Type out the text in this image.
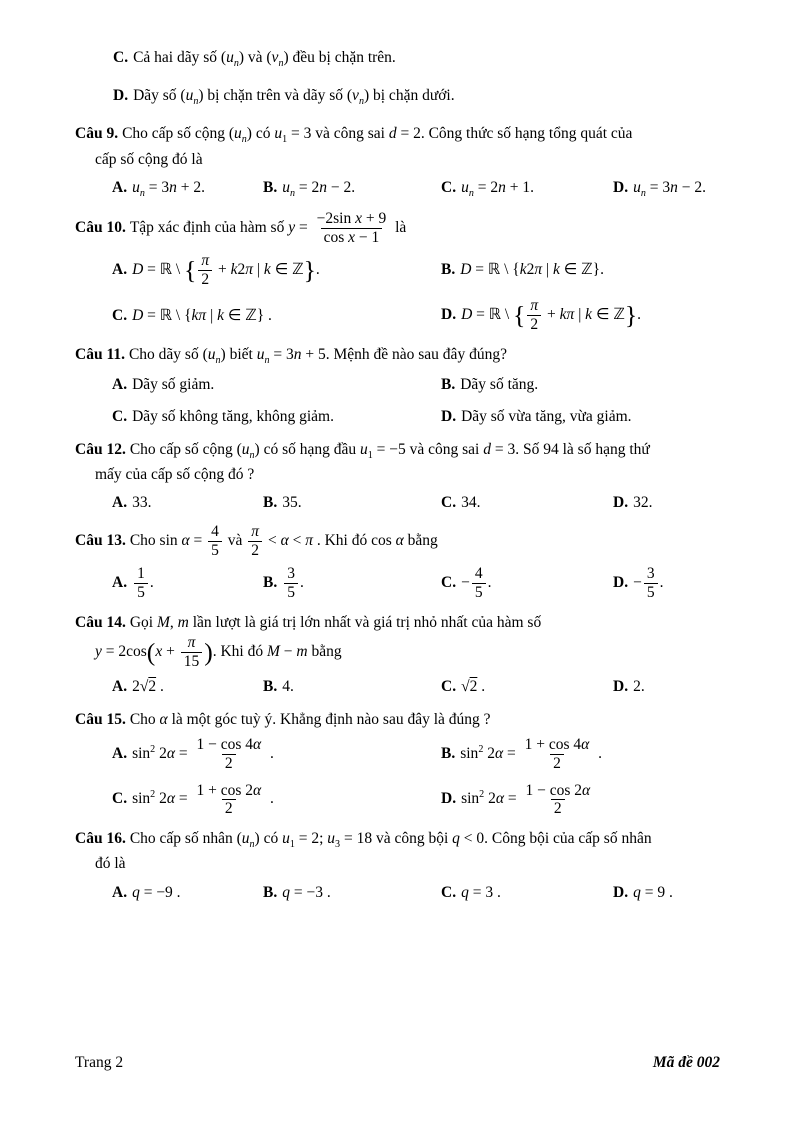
C. Cả hai dãy số $(u_n)$ và $(v_n)$ đều bị chặn trên.

D. Dãy số $(u_n)$ bị chặn trên và dãy số $(v_n)$ bị chặn dưới.

Câu 9. Cho cấp số cộng $(u_n)$ có $u_1 = 3$ và công sai d = 2. Công thức số hạng tổng quát của
cấp số cộng đó là

A. $u_n = 3n + 2$.	B. $u_n = 2n - 2$.	C. $u_n = 2n + 1$.	D. $u_n = 3n - 2$.

Câu 10. Tập xác định của hàm số $y = \frac{\text{−2sin x + 9}}{\text{cos x − 1}}$ là

A. D = ℝ \ { $\frac{\pi}{2} + k2\pi$ | k ∈ ℤ}.	B. D = ℝ \ {k2π | k ∈ ℤ}.
C. D = ℝ \ {kπ | k ∈ ℤ} .	D. D = ℝ \ { $\frac{\pi}{2} + k\pi$ | k ∈ ℤ}.

Câu 11. Cho dãy số $(u_n)$ biết $u_n = 3n + 5$. Mệnh đề nào sau đây đúng?

A. Dãy số giảm.	B. Dãy số tăng.
C. Dãy số không tăng, không giảm.	D. Dãy số vừa tăng, vừa giảm.

Câu 12. Cho cấp số cộng $(u_n)$ có số hạng đầu $u_1 = -5$ và công sai d = 3. Số 94 là số hạng thứ
mấy của cấp số cộng đó ?

A. 33.	B. 35.	C. 34.	D. 32.

Câu 13. Cho $\sin \alpha = \frac{4}{5}$ và $\frac{\pi}{2} < \alpha < \pi$ . Khi đó cos α bằng

A. $\frac{1}{5}$ .	B. $\frac{3}{5}$ .	C. − $\frac{4}{5}$ .	D. − $\frac{3}{5}$ .

Câu 14. Gọi M, m lần lượt là giá trị lớn nhất và giá trị nhỏ nhất của hàm số
$y = 2\cos(x + \frac{\pi}{15}$ ). Khi đó M − m bằng

A. 2√2 .	B. 4.	C. √2 .	D. 2.

Câu 15. Cho α là một góc tuỳ ý. Khẳng định nào sau đây là đúng ?

A. $\sin^2 2\alpha = \frac{1 - \cos 4\alpha}{2}$ .	B. $\sin^2 2\alpha = \frac{1 + \cos 4\alpha}{2}$ .
C. $\sin^2 2\alpha = \frac{1 + \cos 2\alpha}{2}$ .	D. $\sin^2 2\alpha = \frac{1 - \cos 2\alpha}{2}$

Câu 16. Cho cấp số nhân $(u_n)$ có $u_1 = 2$; $u_3 = 18$ và công bội q < 0. Công bội của cấp số nhân
đó là

A. q = −9 .	B. q = −3 .	C. q = 3 .	D. q = 9 .
Trang 2	Mã đề 002
